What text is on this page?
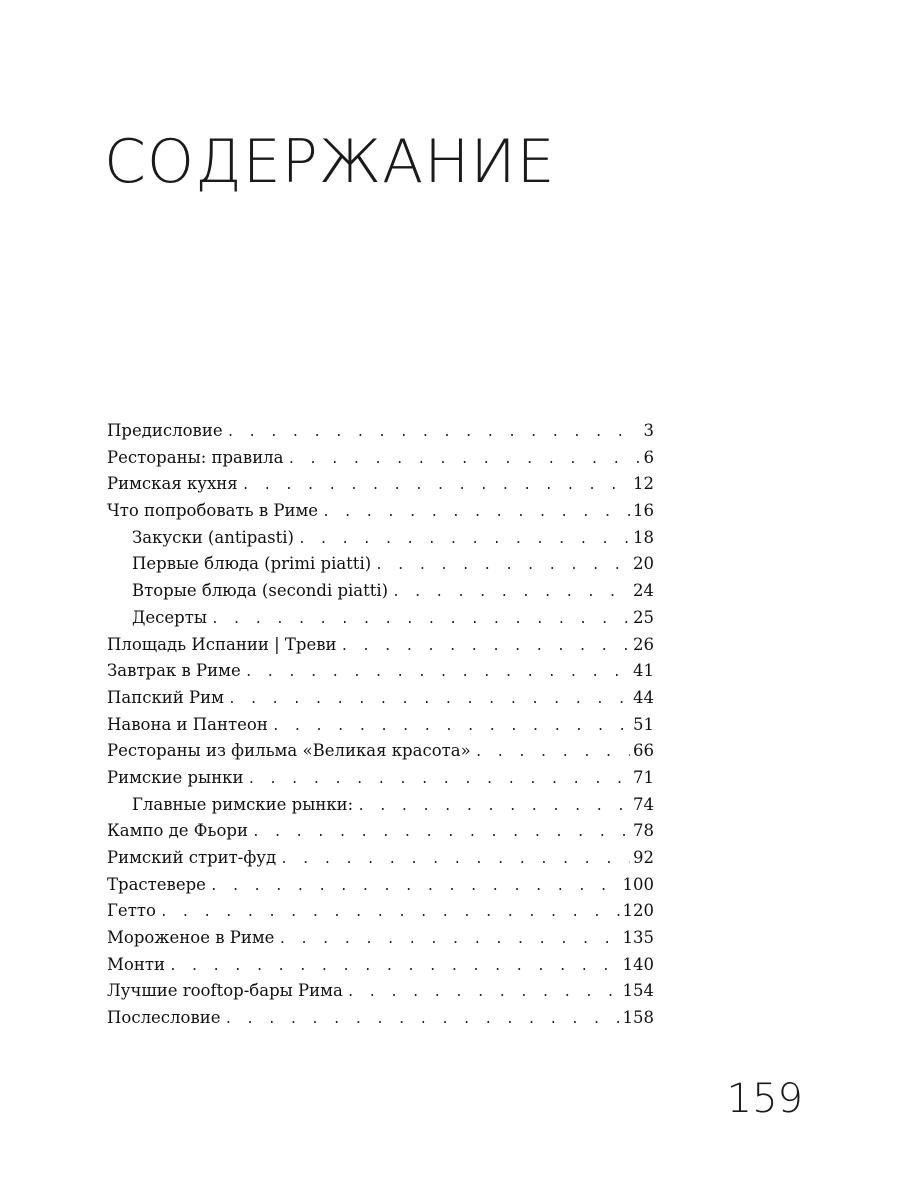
СОДЕРЖАНИЕ
Предисловие . . .	3
Рестораны: правила . . .	6
Римская кухня . . .	12
Что попробовать в Риме . . .	16
Закуски (antipasti) . . .	18
Первые блюда (primi piatti) . . .	20
Вторые блюда (secondi piatti) . . .	24
Десерты . . .	25
Площадь Испании | Треви . . .	26
Завтрак в Риме . . .	41
Папский Рим . . .	44
Навона и Пантеон . . .	51
Рестораны из фильма «Великая красота» . . .	66
Римские рынки . . .	71
Главные римские рынки: . . .	74
Кампо де Фьори . . .	78
Римский стрит-фуд . . .	92
Трастевере . . .	100
Гетто . . .	120
Мороженое в Риме . . .	135
Монти . . .	140
Лучшие rooftop-бары Рима . . .	154
Послесловие . . .	158
159
